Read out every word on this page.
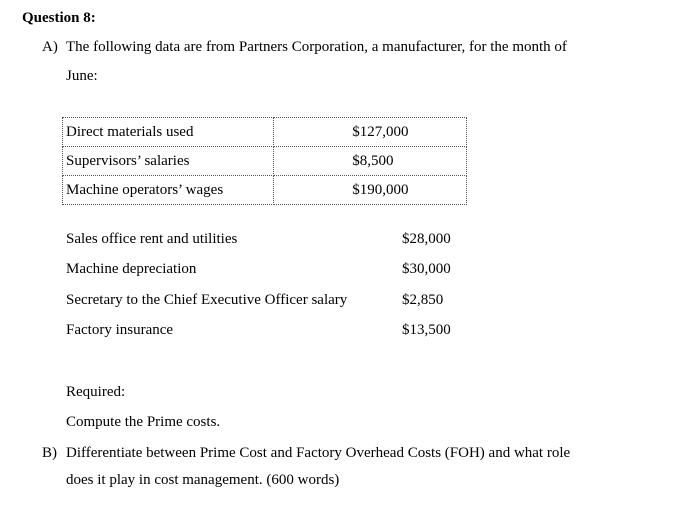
Question 8:
A) The following data are from Partners Corporation, a manufacturer, for the month of
June:
Direct materials used	$127,000
Supervisors’ salaries	$8,500
Machine operators’ wages	$190,000
Sales office rent and utilities	$28,000
Machine depreciation	$30,000
Secretary to the Chief Executive Officer salary	$2,850
Factory insurance	$13,500
Required:
Compute the Prime costs.
B) Differentiate between Prime Cost and Factory Overhead Costs (FOH) and what role
does it play in cost management. (600 words)
